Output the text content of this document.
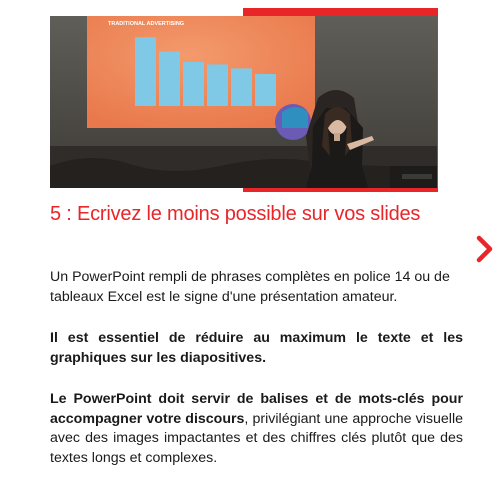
TRADITIONAL ADVERTISING
5 : Ecrivez le moins possible sur vos slides

Un PowerPoint rempli de phrases complètes en police 14 ou de tableaux Excel est le signe d'une présentation amateur.

Il est essentiel de réduire au maximum le texte et les graphiques sur les diapositives.

Le PowerPoint doit servir de balises et de mots-clés pour accompagner votre discours, privilégiant une approche visuelle avec des images impactantes et des chiffres clés plutôt que des textes longs et complexes.
